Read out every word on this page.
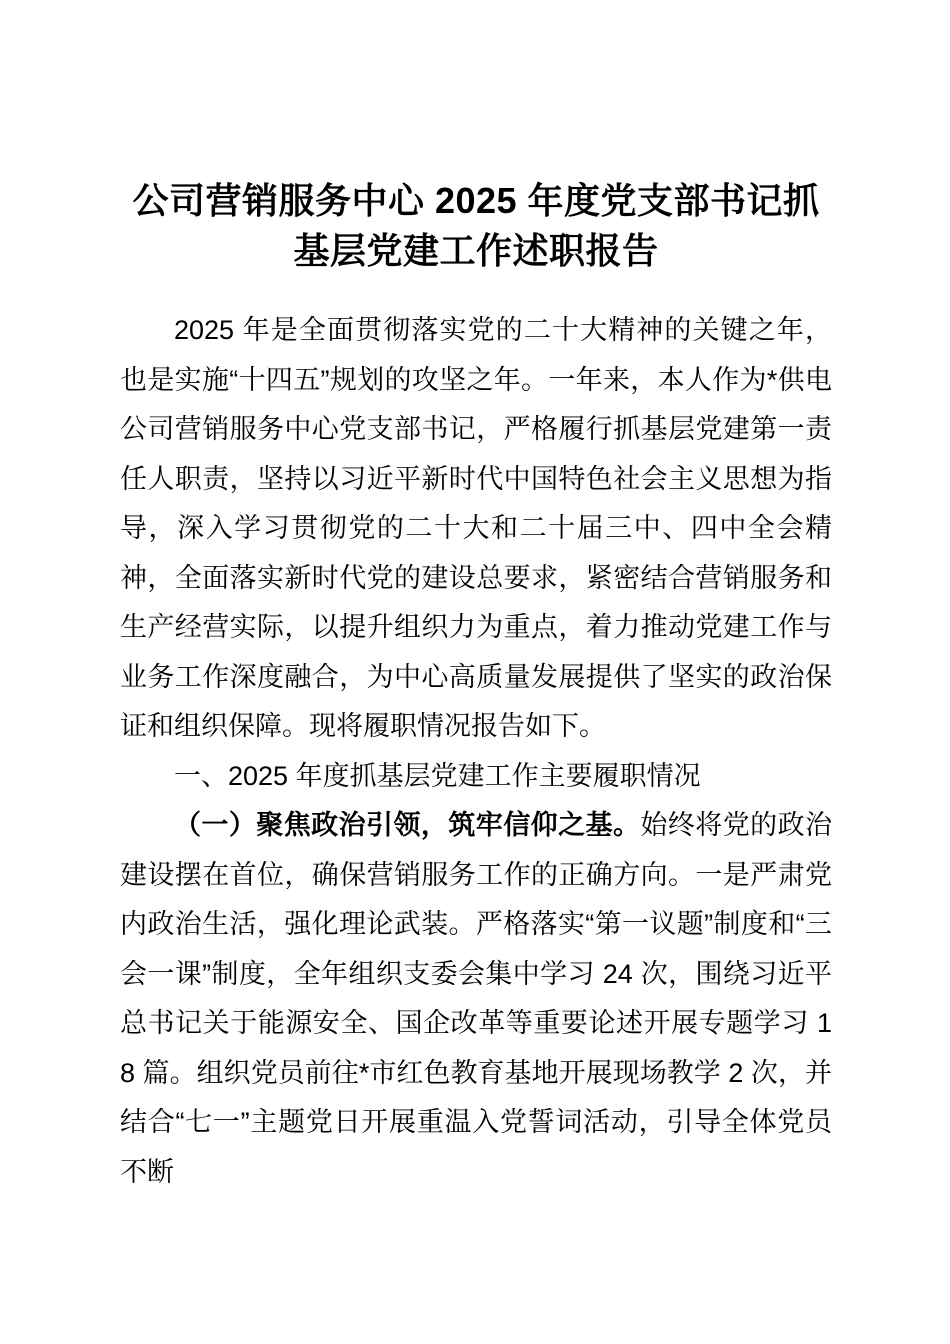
公司营销服务中心 2025 年度党支部书记抓基层党建工作述职报告

2025 年是全面贯彻落实党的二十大精神的关键之年，也是实施“十四五”规划的攻坚之年。一年来，本人作为*供电公司营销服务中心党支部书记，严格履行抓基层党建第一责任人职责，坚持以习近平新时代中国特色社会主义思想为指导，深入学习贯彻党的二十大和二十届三中、四中全会精神，全面落实新时代党的建设总要求，紧密结合营销服务和生产经营实际，以提升组织力为重点，着力推动党建工作与业务工作深度融合，为中心高质量发展提供了坚实的政治保证和组织保障。现将履职情况报告如下。

一、2025 年度抓基层党建工作主要履职情况

（一）聚焦政治引领，筑牢信仰之基。始终将党的政治建设摆在首位，确保营销服务工作的正确方向。一是严肃党内政治生活，强化理论武装。严格落实“第一议题”制度和“三会一课”制度，全年组织支委会集中学习 24 次，围绕习近平总书记关于能源安全、国企改革等重要论述开展专题学习 18 篇。组织党员前往*市红色教育基地开展现场教学 2 次，并结合“七一”主题党日开展重温入党誓词活动，引导全体党员不断
